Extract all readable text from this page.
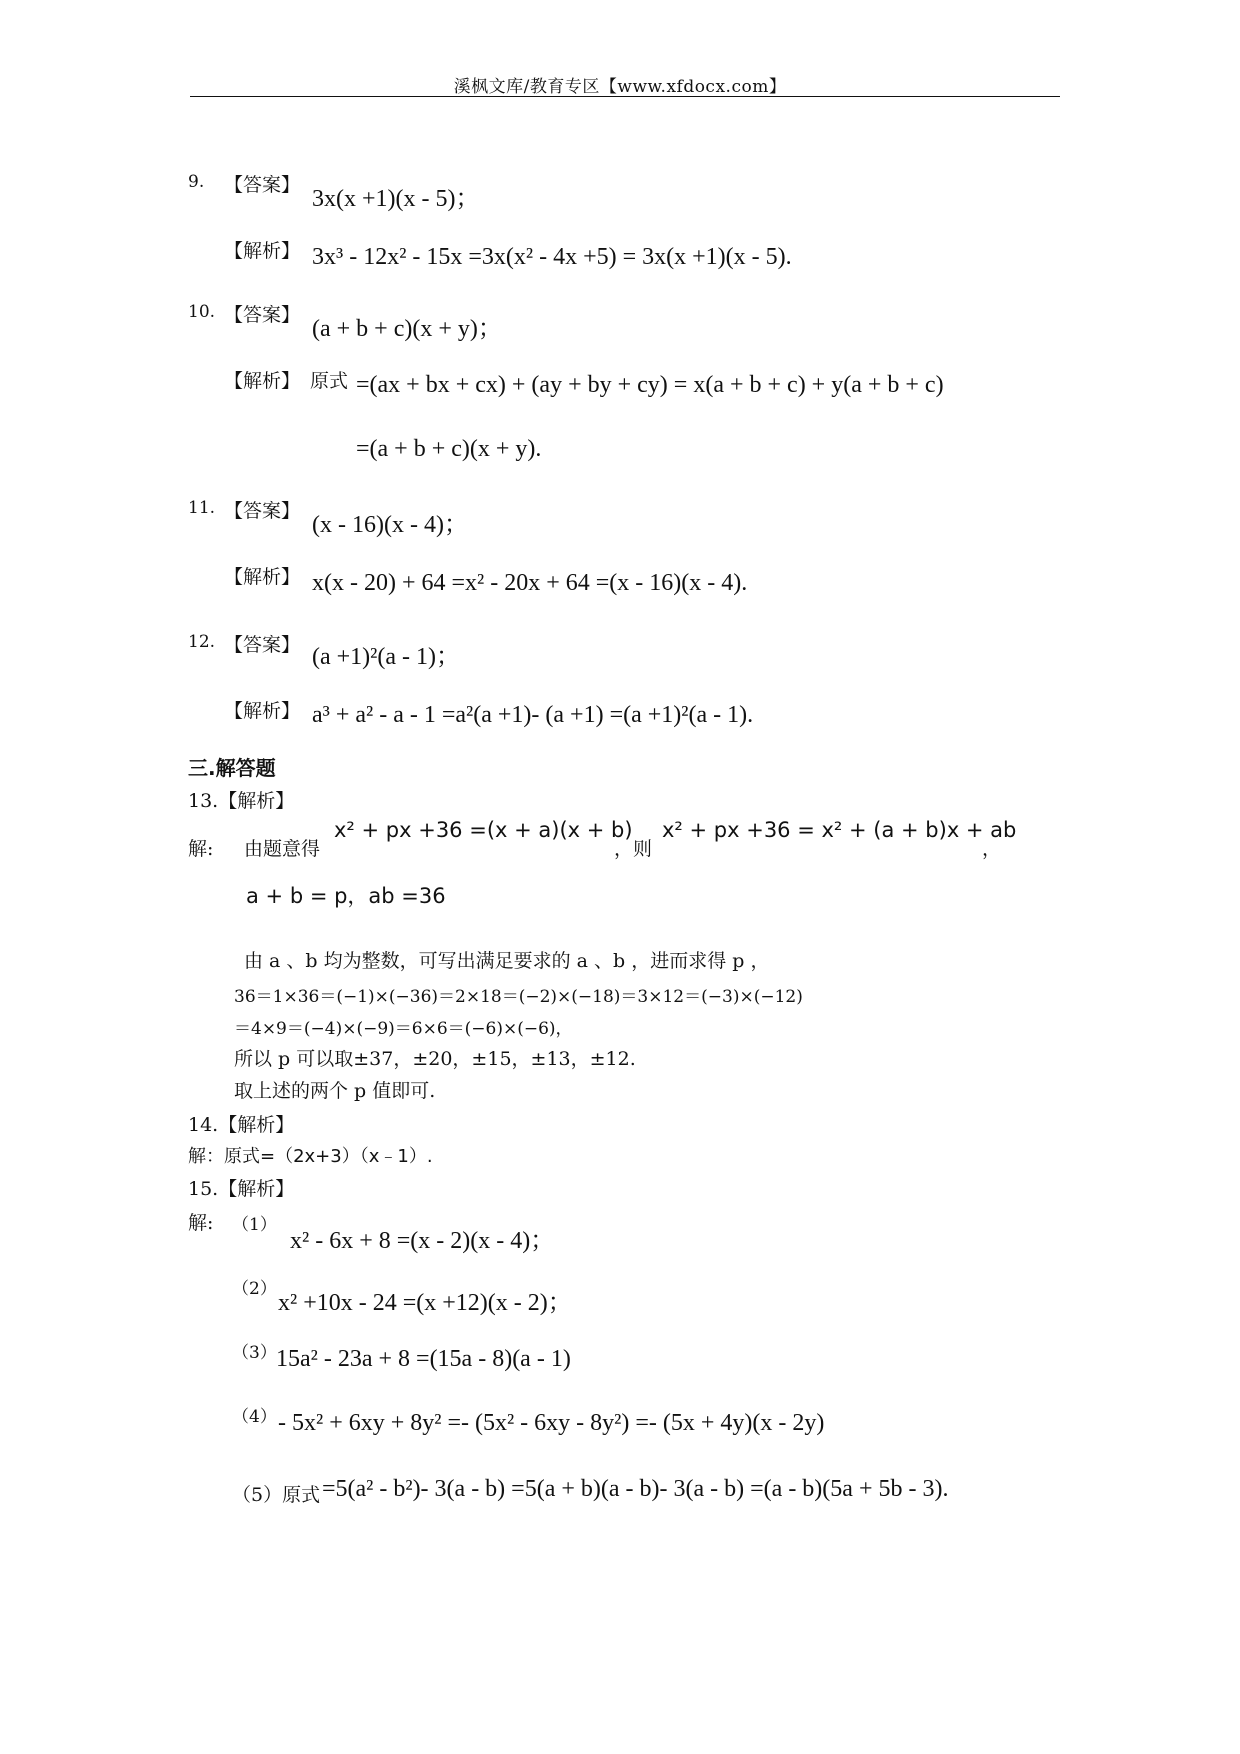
溪枫文库/教育专区【www.xfdocx.com】
9. 【答案】
3x(x +1)(x - 5)；
【解析】 3x³ - 12x² - 15x =3x(x² - 4x +5) = 3x(x +1)(x - 5).
10. 【答案】
(a + b + c)(x + y)；
【解析】 原式 =(ax + bx + cx) + (ay + by + cy) = x(a + b + c) + y(a + b + c)
=(a + b + c)(x + y).
11. 【答案】
(x - 16)(x - 4)；
【解析】 x(x - 20) + 64 =x² - 20x + 64 =(x - 16)(x - 4).
12. 【答案】 (a +1)²(a - 1)；
【解析】 a³ + a² - a - 1 =a²(a +1)- (a +1) =(a +1)²(a - 1).
三.解答题
13.【解析】
解: 由题意得
x² + px +36 =(x + a)(x + b)
，则
x² + px +36 = x² + (a + b)x + ab
，
a + b = p，ab =36
由 a 、b 均为整数，可写出满足要求的 a 、b ，进而求得 p ，
36＝1×36＝(−1)×(−36)＝2×18＝(−2)×(−18)＝3×12＝(−3)×(−12)
＝4×9＝(−4)×(−9)＝6×6＝(−6)×(−6)，
所以 p 可以取±37，±20，±15，±13，±12.
取上述的两个 p 值即可.
14.【解析】
解：原式=（2x+3）（x﹣1）.
15.【解析】
解: （1）
x² - 6x + 8 =(x - 2)(x - 4)；
（2）
x² +10x - 24 =(x +12)(x - 2)；
（3） 15a² - 23a + 8 =(15a - 8)(a - 1)
（4） - 5x² + 6xy + 8y² =- (5x² - 6xy - 8y²) =- (5x + 4y)(x - 2y)
（5）原式 =5(a² - b²)- 3(a - b) =5(a + b)(a - b)- 3(a - b) =(a - b)(5a + 5b - 3).
